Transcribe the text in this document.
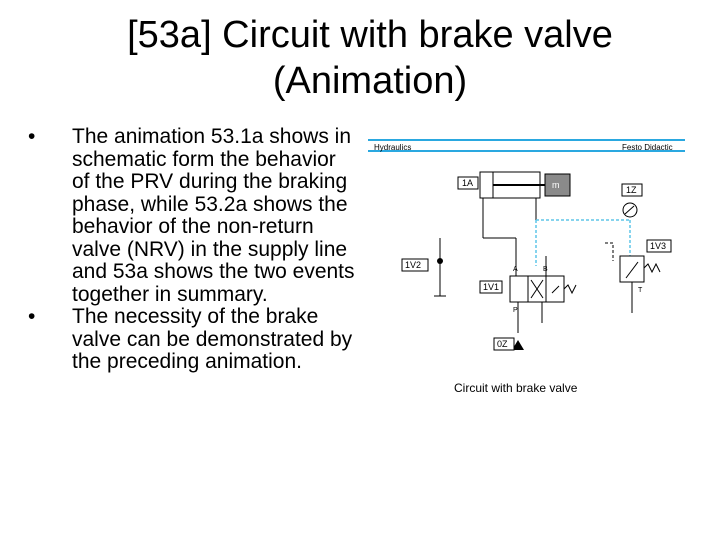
[53a] Circuit with brake valve
(Animation)
• The animation 53.1a shows in schematic form the behavior of the PRV during the braking phase, while 53.2a shows the behavior of the non-return valve (NRV) in the supply line and 53a shows the two events together in summary.
• The necessity of the brake valve can be demonstrated by the preceding animation.
Hydraulics	Festo Didactic
m
1A
1Z
1V3
T
1V2
1V1
A	B
P
0Z
Circuit with brake valve
